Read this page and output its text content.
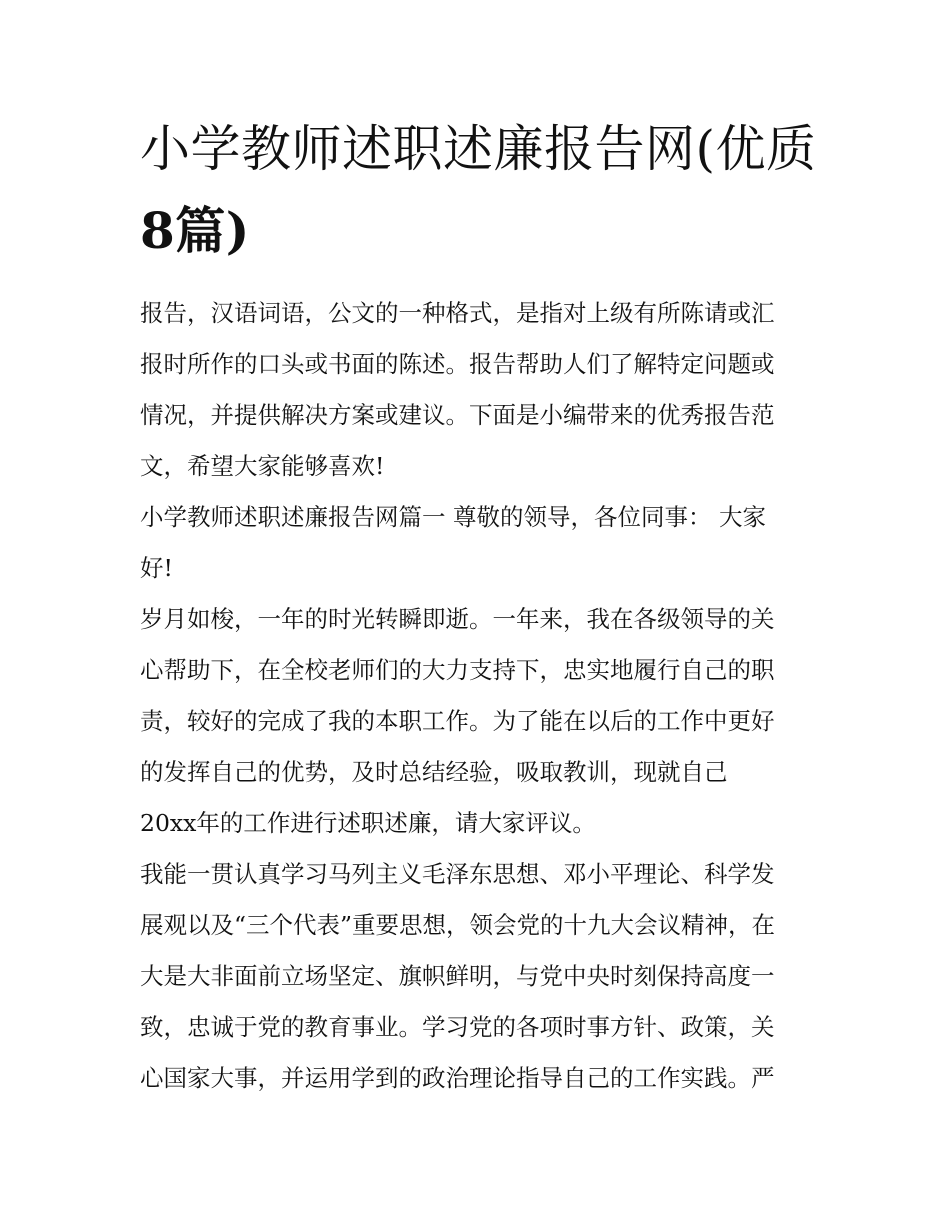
小学教师述职述廉报告网(优质
8篇)

报告，汉语词语，公文的一种格式，是指对上级有所陈请或汇
报时所作的口头或书面的陈述。报告帮助人们了解特定问题或
情况，并提供解决方案或建议。下面是小编带来的优秀报告范
文，希望大家能够喜欢!

小学教师述职述廉报告网篇一 尊敬的领导，各位同事： 大家
好!

岁月如梭，一年的时光转瞬即逝。一年来，我在各级领导的关
心帮助下，在全校老师们的大力支持下，忠实地履行自己的职
责，较好的完成了我的本职工作。为了能在以后的工作中更好
的发挥自己的优势，及时总结经验，吸取教训，现就自己
20xx年的工作进行述职述廉，请大家评议。

我能一贯认真学习马列主义毛泽东思想、邓小平理论、科学发
展观以及“三个代表”重要思想，领会党的十九大会议精神，在
大是大非面前立场坚定、旗帜鲜明，与党中央时刻保持高度一
致，忠诚于党的教育事业。学习党的各项时事方针、政策，关
心国家大事，并运用学到的政治理论指导自己的工作实践。严
